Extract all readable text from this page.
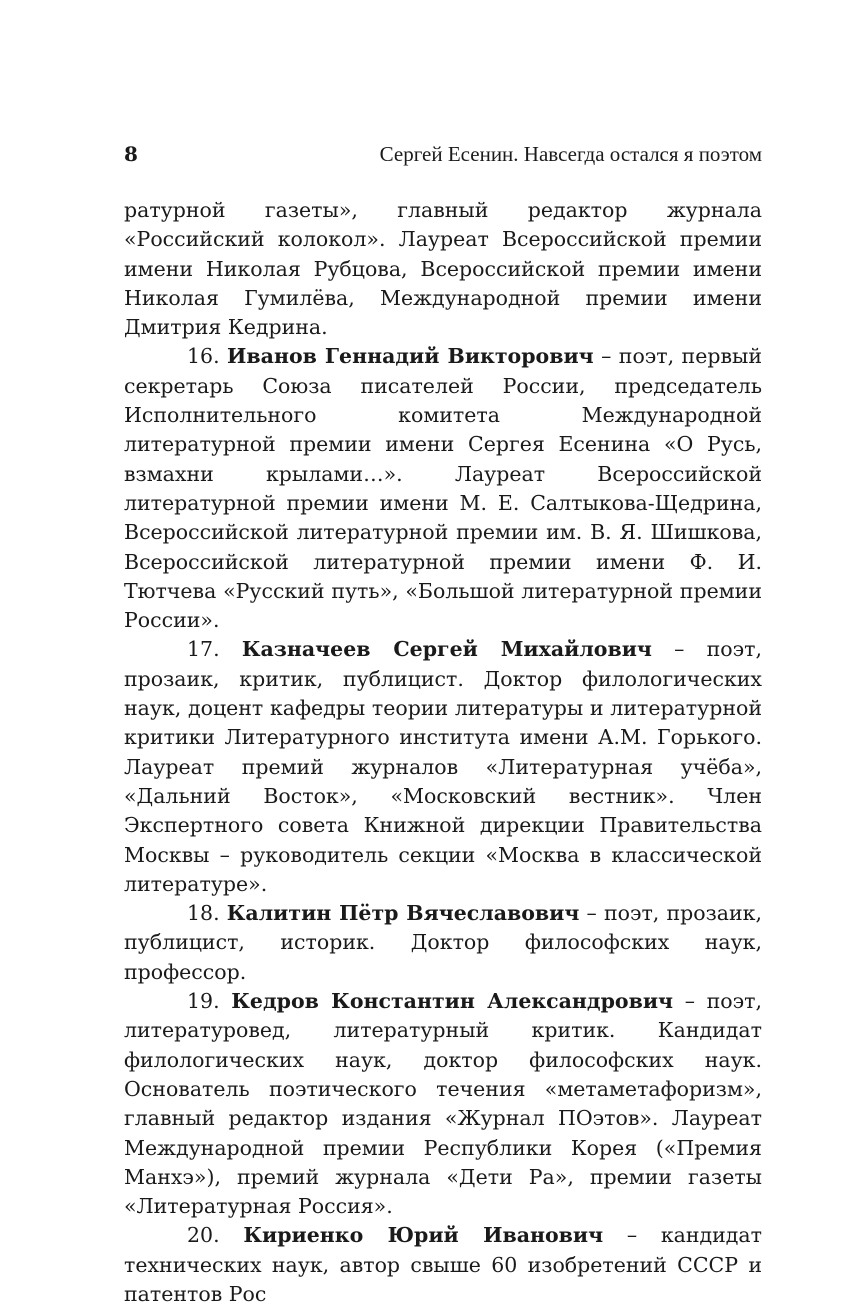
8	Сергей Есенин. Навсегда остался я поэтом

ратурной газеты», главный редактор журнала «Российский колокол». Лауреат Всероссийской премии имени Николая Рубцова, Всероссийской премии имени Николая Гумилёва, Международной премии имени Дмитрия Кедрина.

16. Иванов Геннадий Викторович – поэт, первый секретарь Союза писателей России, председатель Исполнительного комитета Международной литературной премии имени Сергея Есенина «О Русь, взмахни крылами…». Лауреат Всероссийской литературной премии имени М. Е. Салтыкова-Щедрина, Всероссийской литературной премии им. В. Я. Шишкова, Всероссийской литературной премии имени Ф. И. Тютчева «Русский путь», «Большой литературной премии России».

17. Казначеев Сергей Михайлович – поэт, прозаик, критик, публицист. Доктор филологических наук, доцент кафедры теории литературы и литературной критики Литературного института имени А.М. Горького. Лауреат премий журналов «Литературная учёба», «Дальний Восток», «Московский вестник». Член Экспертного совета Книжной дирекции Правительства Москвы – руководитель секции «Москва в классической литературе».

18. Калитин Пётр Вячеславович – поэт, прозаик, публицист, историк. Доктор философских наук, профессор.

19. Кедров Константин Александрович – поэт, литературовед, литературный критик. Кандидат филологических наук, доктор философских наук. Основатель поэтического течения «метаметафоризм», главный редактор издания «Журнал ПОэтов». Лауреат Международной премии Республики Корея («Премия Манхэ»), премий журнала «Дети Ра», премии газеты «Литературная Россия».

20. Кириенко Юрий Иванович – кандидат технических наук, автор свыше 60 изобретений СССР и патентов Рос
